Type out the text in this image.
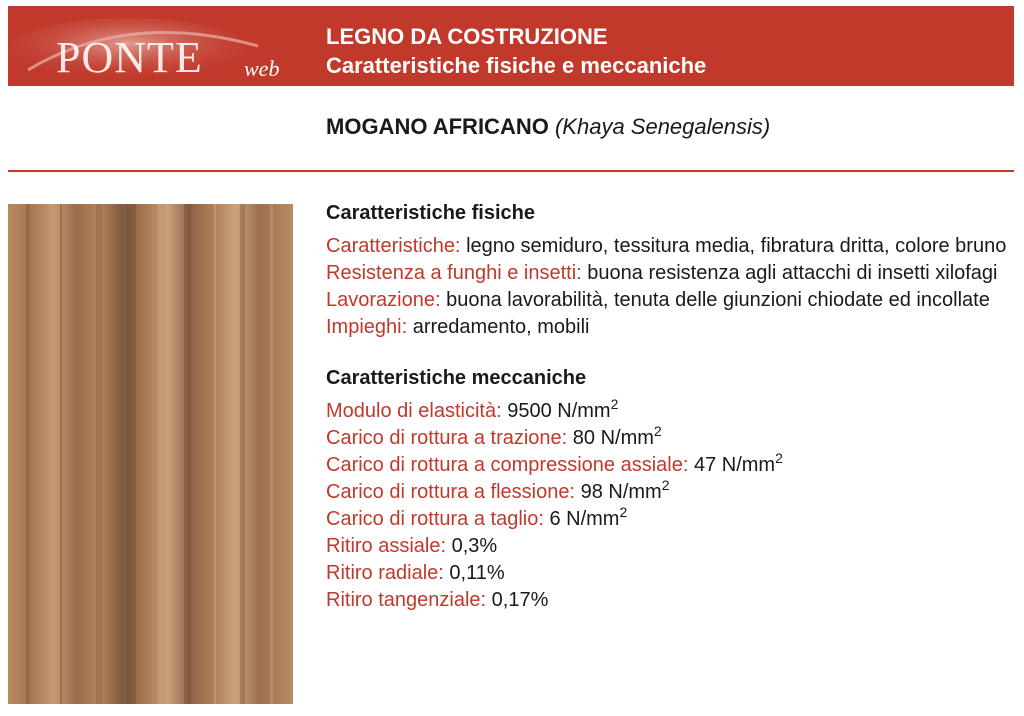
PONTE web
LEGNO DA COSTRUZIONE
Caratteristiche fisiche e meccaniche
MOGANO AFRICANO (Khaya Senegalensis)
Caratteristiche fisiche
Caratteristiche: legno semiduro, tessitura media, fibratura dritta, colore bruno
Resistenza a funghi e insetti: buona resistenza agli attacchi di insetti xilofagi
Lavorazione: buona lavorabilità, tenuta delle giunzioni chiodate ed incollate
Impieghi: arredamento, mobili
Caratteristiche meccaniche
Modulo di elasticità: 9500 $N/mm^2$
Carico di rottura a trazione: 80 $N/mm^2$
Carico di rottura a compressione assiale: 47 $N/mm^2$
Carico di rottura a flessione: 98 $N/mm^2$
Carico di rottura a taglio: 6 $N/mm^2$
Ritiro assiale: 0,3%
Ritiro radiale: 0,11%
Ritiro tangenziale: 0,17%
